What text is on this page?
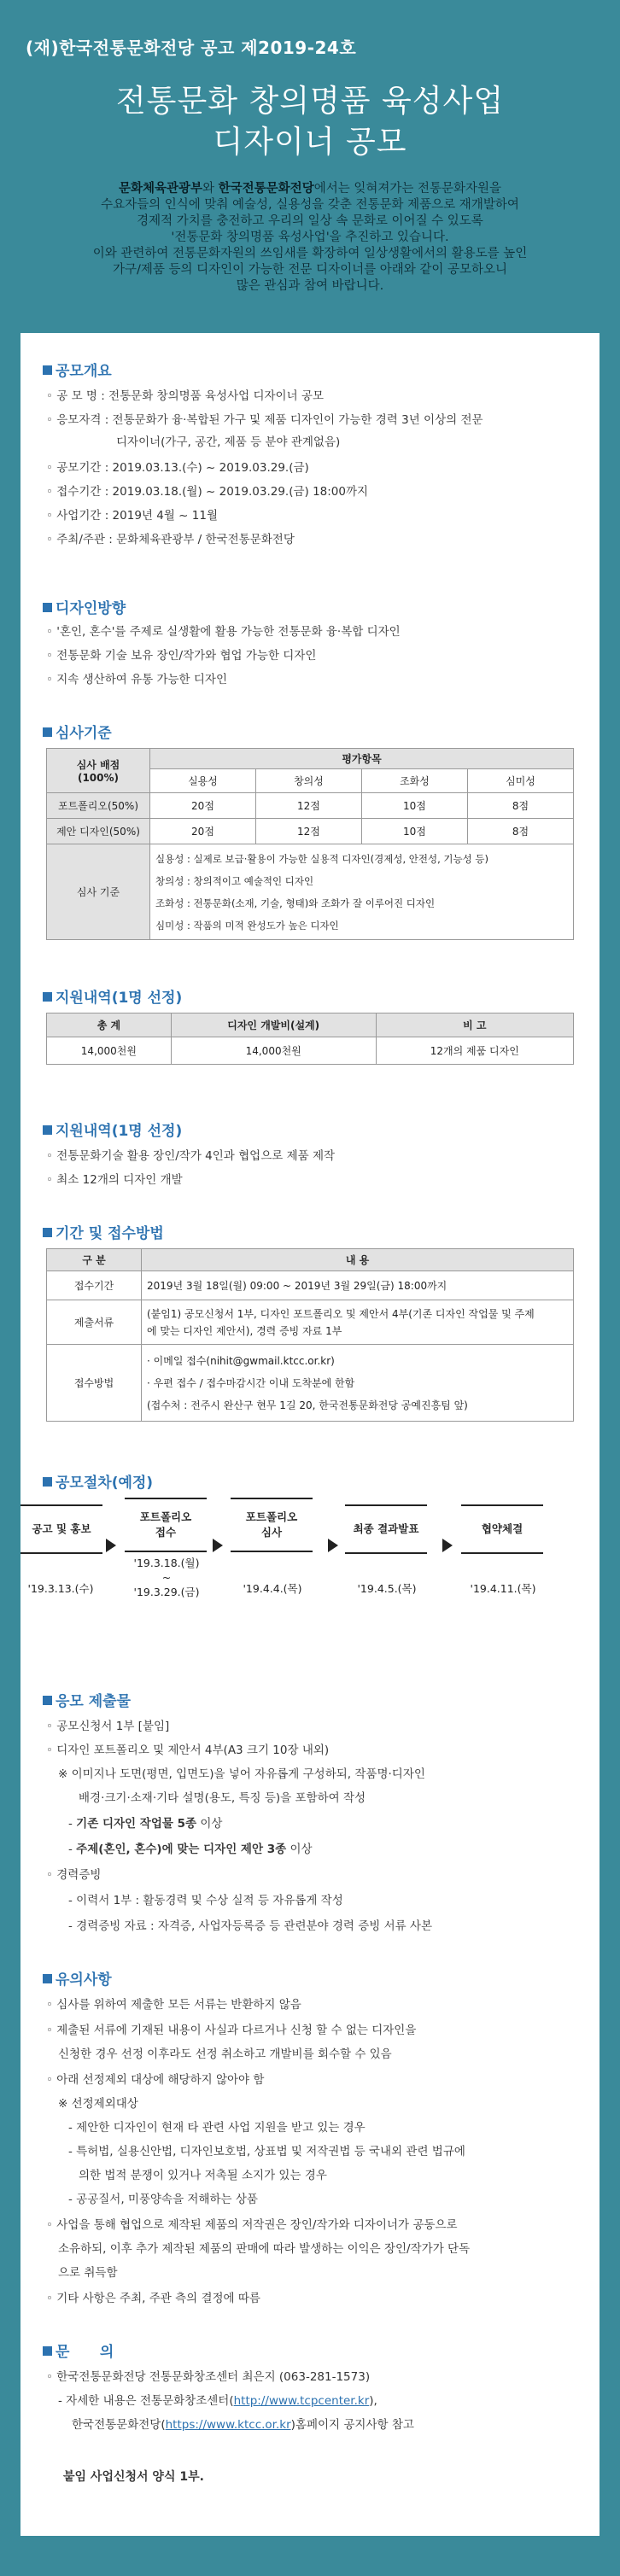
(재)한국전통문화전당 공고 제2019-24호
전통문화 창의명품 육성사업
디자이너 공모
문화체육관광부와 한국전통문화전당에서는 잊혀져가는 전통문화자원을
수요자들의 인식에 맞춰 예술성, 실용성을 갖춘 전통문화 제품으로 재개발하여
경제적 가치를 충전하고 우리의 일상 속 문화로 이어질 수 있도록
'전통문화 창의명품 육성사업'을 추진하고 있습니다.
이와 관련하여 전통문화자원의 쓰임새를 확장하여 일상생활에서의 활용도를 높인
가구/제품 등의 디자인이 가능한 전문 디자이너를 아래와 같이 공모하오니
많은 관심과 참여 바랍니다.
공모개요
◦ 공 모 명 : 전통문화 창의명품 육성사업 디자이너 공모
◦ 응모자격 : 전통문화가 융·복합된 가구 및 제품 디자인이 가능한 경력 3년 이상의 전문
디자이너(가구, 공간, 제품 등 분야 관계없음)
◦ 공모기간 : 2019.03.13.(수) ~ 2019.03.29.(금)
◦ 접수기간 : 2019.03.18.(월) ~ 2019.03.29.(금) 18:00까지
◦ 사업기간 : 2019년 4월 ~ 11월
◦ 주최/주관 : 문화체육관광부 / 한국전통문화전당
디자인방향
◦ '혼인, 혼수'를 주제로 실생활에 활용 가능한 전통문화 융·복합 디자인
◦ 전통문화 기술 보유 장인/작가와 협업 가능한 디자인
◦ 지속 생산하여 유통 가능한 디자인
심사기준
심사 배점
(100%)	평가항목			
	실용성	창의성	조화성	심미성
포트폴리오(50%)	20점	12점	10점	8점
제안 디자인(50%)	20점	12점	10점	8점
심사 기준	실용성 : 실제로 보급·활용이 가능한 실용적 디자인(경제성, 안전성, 기능성 등)
창의성 : 창의적이고 예술적인 디자인
조화성 : 전통문화(소재, 기술, 형태)와 조화가 잘 이루어진 디자인
심미성 : 작품의 미적 완성도가 높은 디자인			
지원내역(1명 선정)
총 계	디자인 개발비(설계)	비 고
14,000천원	14,000천원	12개의 제품 디자인
지원내역(1명 선정)
◦ 전통문화기술 활용 장인/작가 4인과 협업으로 제품 제작
◦ 최소 12개의 디자인 개발
기간 및 접수방법
구 분	내 용
접수기간	2019년 3월 18일(월) 09:00 ~ 2019년 3월 29일(금) 18:00까지
제출서류	(붙임1) 공모신청서 1부, 디자인 포트폴리오 및 제안서 4부(기존 디자인 작업물 및 주제
에 맞는 디자인 제안서), 경력 증빙 자료 1부

접수방법	· 이메일 접수(nihit@gwmail.ktcc.or.kr)
· 우편 접수 / 접수마감시간 이내 도착분에 한함
(접수처 : 전주시 완산구 현무 1길 20, 한국전통문화전당 공예진흥팀 앞)
공모절차(예정)
공고 및 홍보
포트폴리오
접수
포트폴리오
심사	최종 결과발표	협약체결
'19.3.13.(수)
'19.3.18.(월)
~
'19.3.29.(금)	'19.4.4.(목)	'19.4.5.(목)	'19.4.11.(목)
응모 제출물
◦ 공모신청서 1부 [붙임]
◦ 디자인 포트폴리오 및 제안서 4부(A3 크기 10장 내외)
※ 이미지나 도면(평면, 입면도)을 넣어 자유롭게 구성하되, 작품명·디자인
배경·크기·소재·기타 설명(용도, 특징 등)을 포함하여 작성
- 기존 디자인 작업물 5종 이상
- 주제(혼인, 혼수)에 맞는 디자인 제안 3종 이상
◦ 경력증빙
- 이력서 1부 : 활동경력 및 수상 실적 등 자유롭게 작성
- 경력증빙 자료 : 자격증, 사업자등록증 등 관련분야 경력 증빙 서류 사본
유의사항
◦ 심사를 위하여 제출한 모든 서류는 반환하지 않음
◦ 제출된 서류에 기재된 내용이 사실과 다르거나 신청 할 수 없는 디자인을
신청한 경우 선정 이후라도 선정 취소하고 개발비를 회수할 수 있음
◦ 아래 선정제외 대상에 해당하지 않아야 함
※ 선정제외대상
- 제안한 디자인이 현재 타 관련 사업 지원을 받고 있는 경우
- 특허법, 실용신안법, 디자인보호법, 상표법 및 저작권법 등 국내외 관련 법규에
의한 법적 분쟁이 있거나 저촉될 소지가 있는 경우
- 공공질서, 미풍양속을 저해하는 상품
◦ 사업을 통해 협업으로 제작된 제품의 저작권은 장인/작가와 디자이너가 공동으로
소유하되, 이후 추가 제작된 제품의 판매에 따라 발생하는 이익은 장인/작가가 단독
으로 취득함
◦ 기타 사항은 주최, 주관 측의 결정에 따름
문      의
◦ 한국전통문화전당 전통문화창조센터 최은지 (063-281-1573)
- 자세한 내용은 전통문화창조센터(http://www.tcpcenter.kr),
한국전통문화전당(https://www.ktcc.or.kr)홈페이지 공지사항 참고
붙임 사업신청서 양식 1부.
